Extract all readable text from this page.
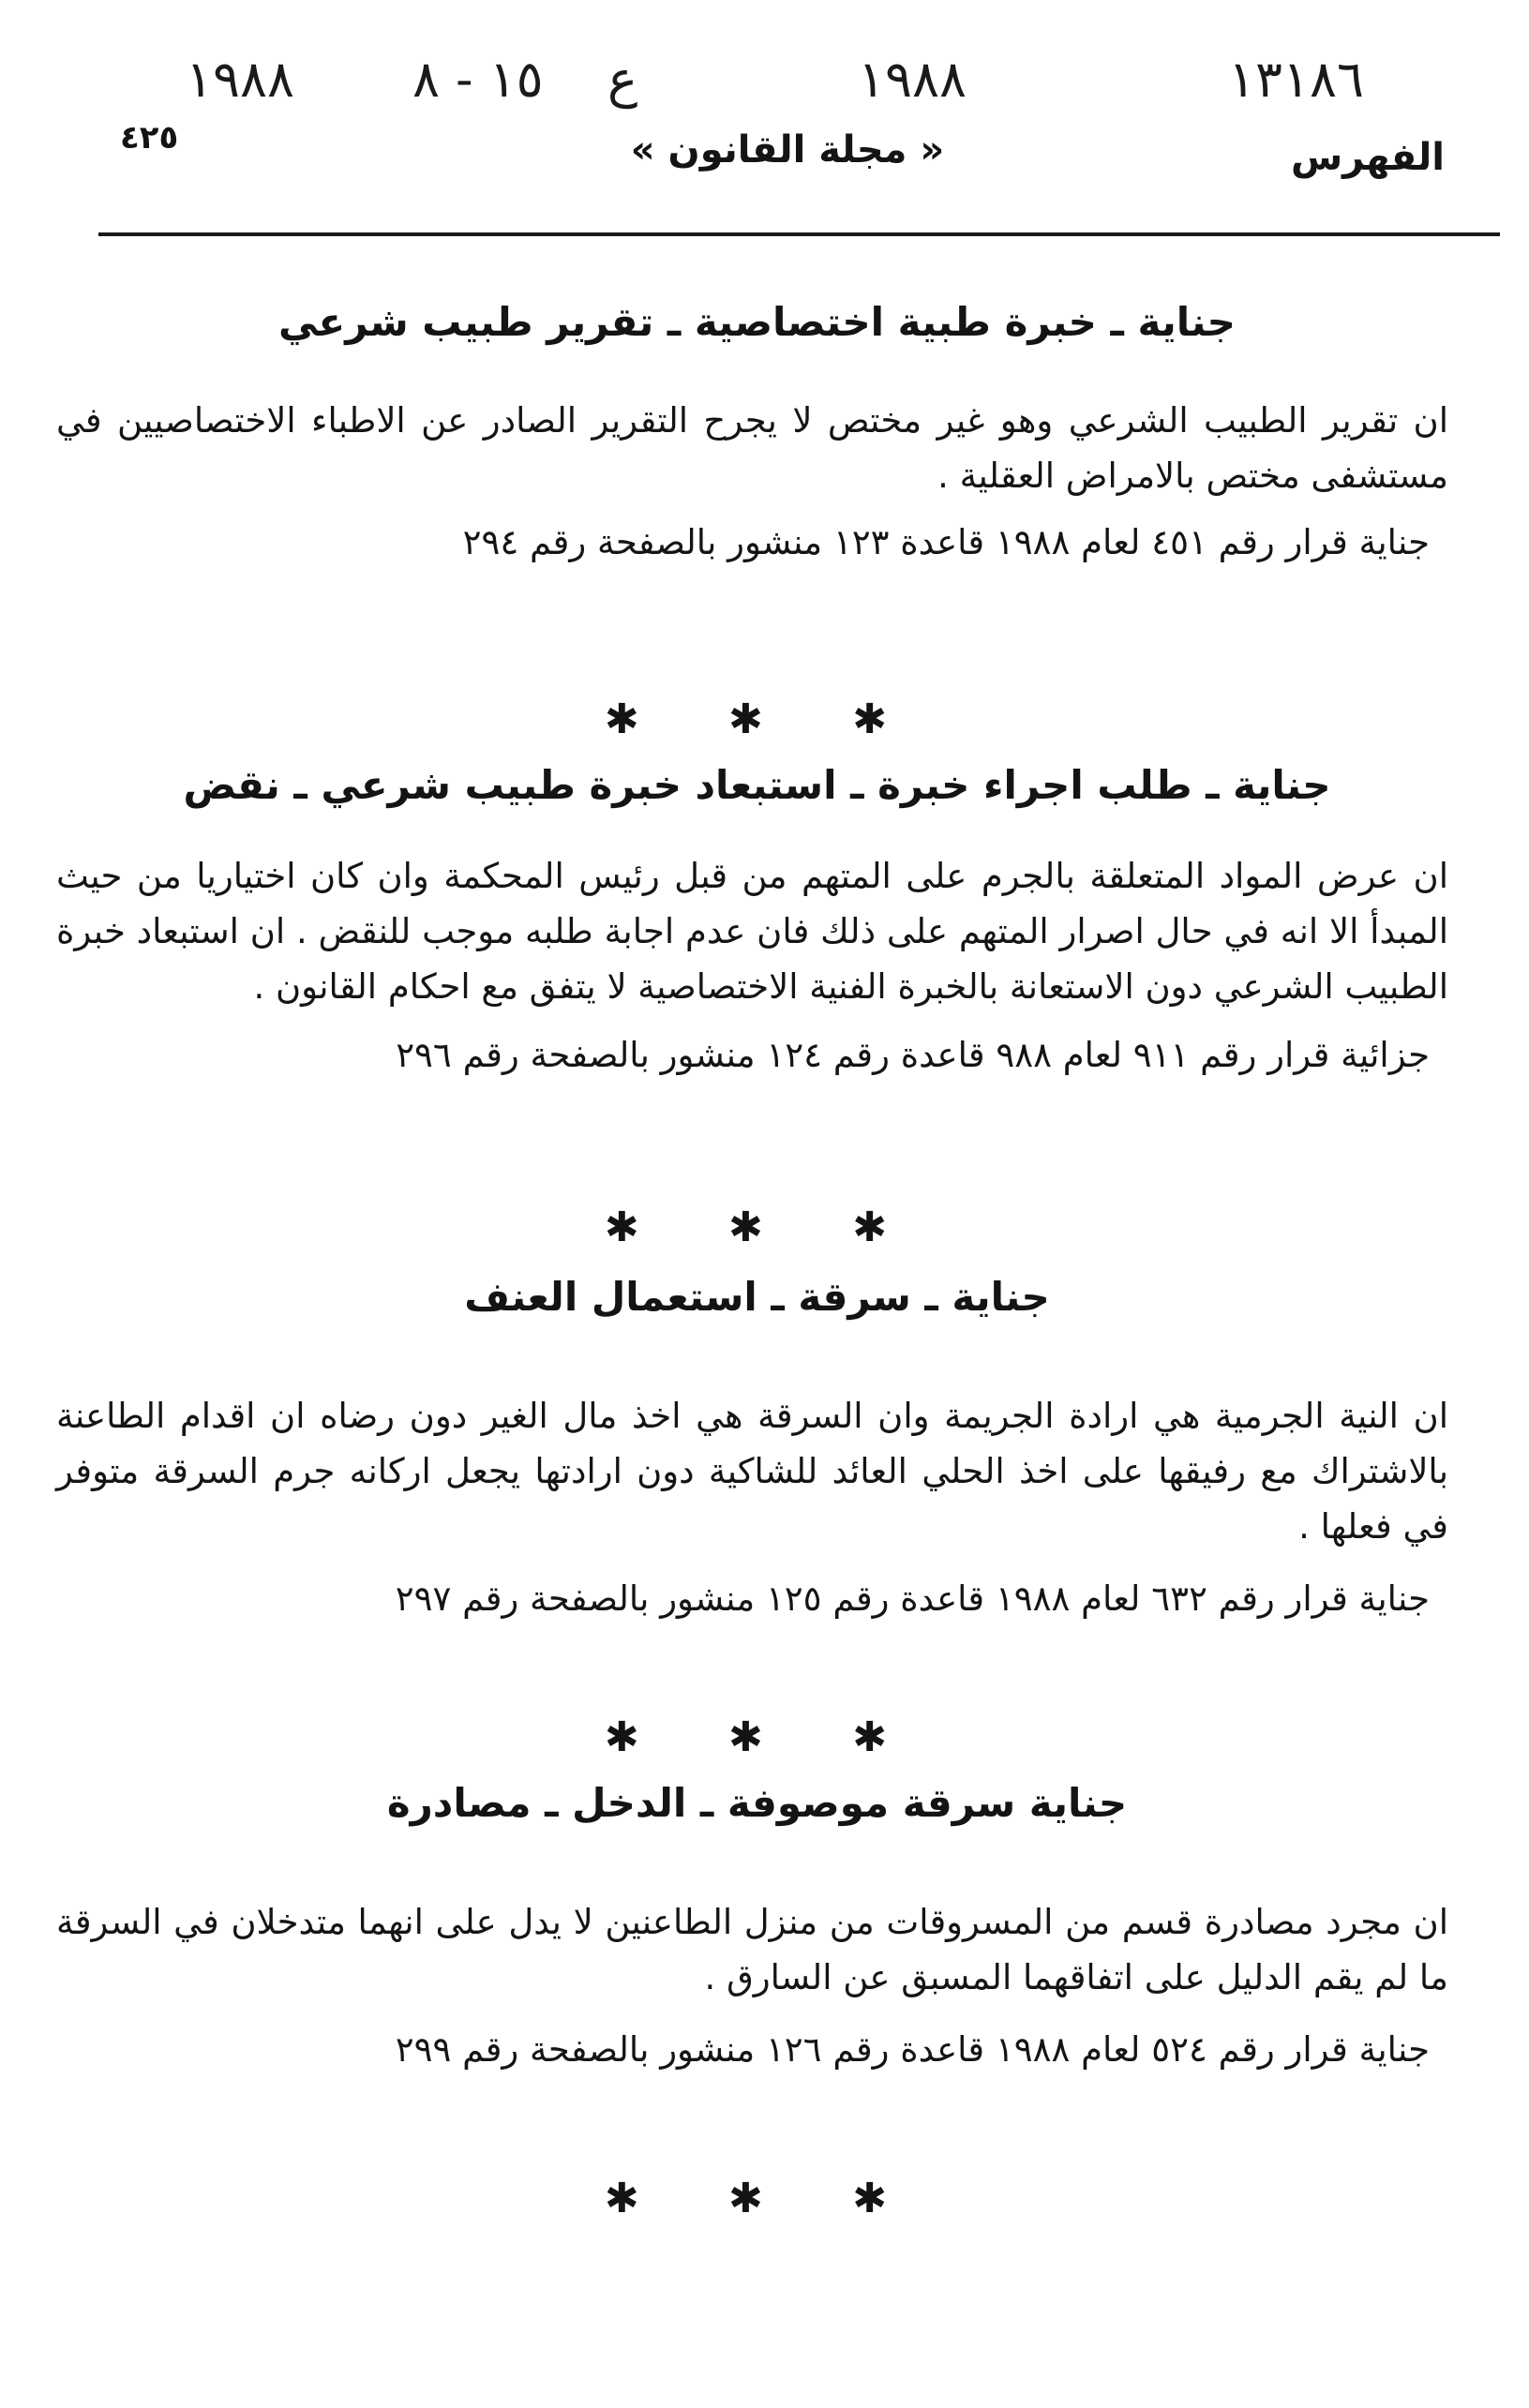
١٩٨٨ ١٥ - ٨ ع	١٩٨٨	١٣١٨٦
٤٢٥	« مجلة القانون »	الفهرس
جناية ـ خبرة طبية اختصاصية ـ تقرير طبيب شرعي

ان تقرير الطبيب الشرعي وهو غير مختص لا يجرح التقرير الصادر عن الاطباء الاختصاصيين في مستشفى مختص بالامراض العقلية .

جناية قرار رقم ٤٥١ لعام ١٩٨٨ قاعدة ١٢٣ منشور بالصفحة رقم ٢٩٤

✱ ✱ ✱
جناية ـ طلب اجراء خبرة ـ استبعاد خبرة طبيب شرعي ـ نقض

ان عرض المواد المتعلقة بالجرم على المتهم من قبل رئيس المحكمة وان كان اختياريا من حيث المبدأ الا انه في حال اصرار المتهم على ذلك فان عدم اجابة طلبه موجب للنقض . ان استبعاد خبرة الطبيب الشرعي دون الاستعانة بالخبرة الفنية الاختصاصية لا يتفق مع احكام القانون .

جزائية قرار رقم ٩١١ لعام ٩٨٨ قاعدة رقم ١٢٤ منشور بالصفحة رقم ٢٩٦

✱ ✱ ✱
جناية ـ سرقة ـ استعمال العنف

ان النية الجرمية هي ارادة الجريمة وان السرقة هي اخذ مال الغير دون رضاه ان اقدام الطاعنة بالاشتراك مع رفيقها على اخذ الحلي العائد للشاكية دون ارادتها يجعل اركانه جرم السرقة متوفر في فعلها .

جناية قرار رقم ٦٣٢ لعام ١٩٨٨ قاعدة رقم ١٢٥ منشور بالصفحة رقم ٢٩٧

✱ ✱ ✱
جناية سرقة موصوفة ـ الدخل ـ مصادرة

ان مجرد مصادرة قسم من المسروقات من منزل الطاعنين لا يدل على انهما متدخلان في السرقة ما لم يقم الدليل على اتفاقهما المسبق عن السارق .

جناية قرار رقم ٥٢٤ لعام ١٩٨٨ قاعدة رقم ١٢٦ منشور بالصفحة رقم ٢٩٩

✱ ✱ ✱
